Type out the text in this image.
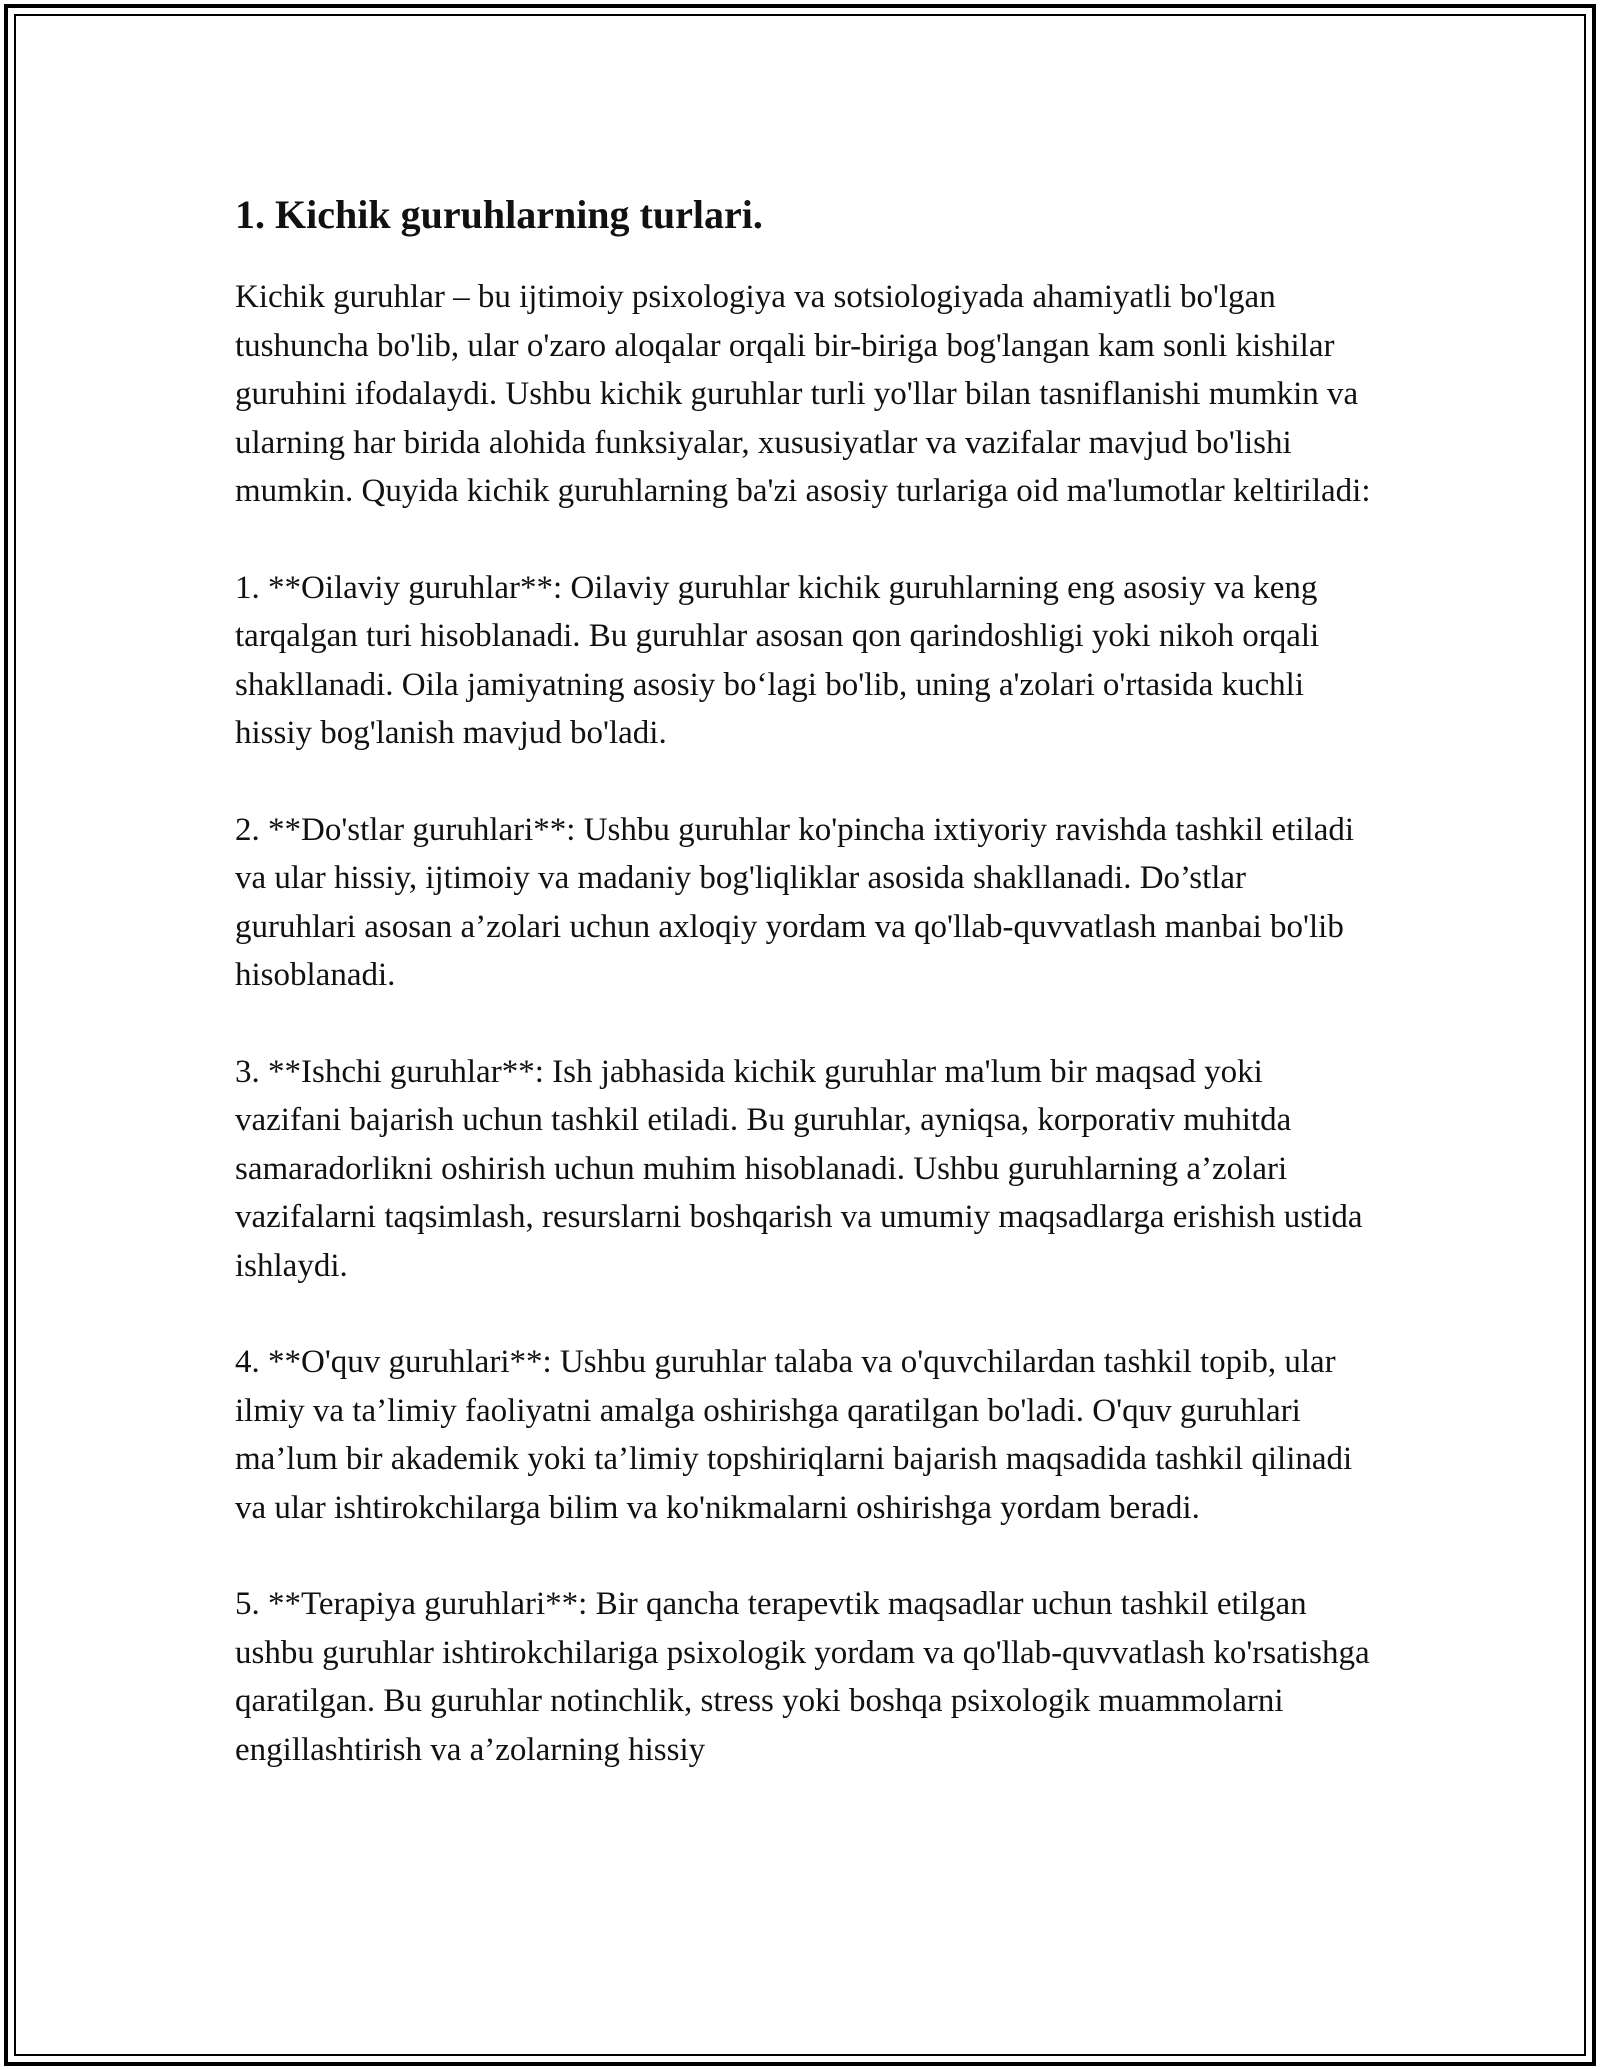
1. Kichik guruhlarning turlari.

Kichik guruhlar – bu ijtimoiy psixologiya va sotsiologiyada ahamiyatli bo'lgan tushuncha bo'lib, ular o'zaro aloqalar orqali bir-biriga bog'langan kam sonli kishilar guruhini ifodalaydi. Ushbu kichik guruhlar turli yo'llar bilan tasniflanishi mumkin va ularning har birida alohida funksiyalar, xususiyatlar va vazifalar mavjud bo'lishi mumkin. Quyida kichik guruhlarning ba'zi asosiy turlariga oid ma'lumotlar keltiriladi:

1. **Oilaviy guruhlar**: Oilaviy guruhlar kichik guruhlarning eng asosiy va keng tarqalgan turi hisoblanadi. Bu guruhlar asosan qon qarindoshligi yoki nikoh orqali shakllanadi. Oila jamiyatning asosiy bo‘lagi bo'lib, uning a'zolari o'rtasida kuchli hissiy bog'lanish mavjud bo'ladi.

2. **Do'stlar guruhlari**: Ushbu guruhlar ko'pincha ixtiyoriy ravishda tashkil etiladi va ular hissiy, ijtimoiy va madaniy bog'liqliklar asosida shakllanadi. Do’stlar guruhlari asosan a’zolari uchun axloqiy yordam va qo'llab-quvvatlash manbai bo'lib hisoblanadi.

3. **Ishchi guruhlar**: Ish jabhasida kichik guruhlar ma'lum bir maqsad yoki vazifani bajarish uchun tashkil etiladi. Bu guruhlar, ayniqsa, korporativ muhitda samaradorlikni oshirish uchun muhim hisoblanadi. Ushbu guruhlarning a’zolari vazifalarni taqsimlash, resurslarni boshqarish va umumiy maqsadlarga erishish ustida ishlaydi.

4. **O'quv guruhlari**: Ushbu guruhlar talaba va o'quvchilardan tashkil topib, ular ilmiy va ta’limiy faoliyatni amalga oshirishga qaratilgan bo'ladi. O'quv guruhlari ma’lum bir akademik yoki ta’limiy topshiriqlarni bajarish maqsadida tashkil qilinadi va ular ishtirokchilarga bilim va ko'nikmalarni oshirishga yordam beradi.

5. **Terapiya guruhlari**: Bir qancha terapevtik maqsadlar uchun tashkil etilgan ushbu guruhlar ishtirokchilariga psixologik yordam va qo'llab-quvvatlash ko'rsatishga qaratilgan. Bu guruhlar notinchlik, stress yoki boshqa psixologik muammolarni engillashtirish va a’zolarning hissiy
